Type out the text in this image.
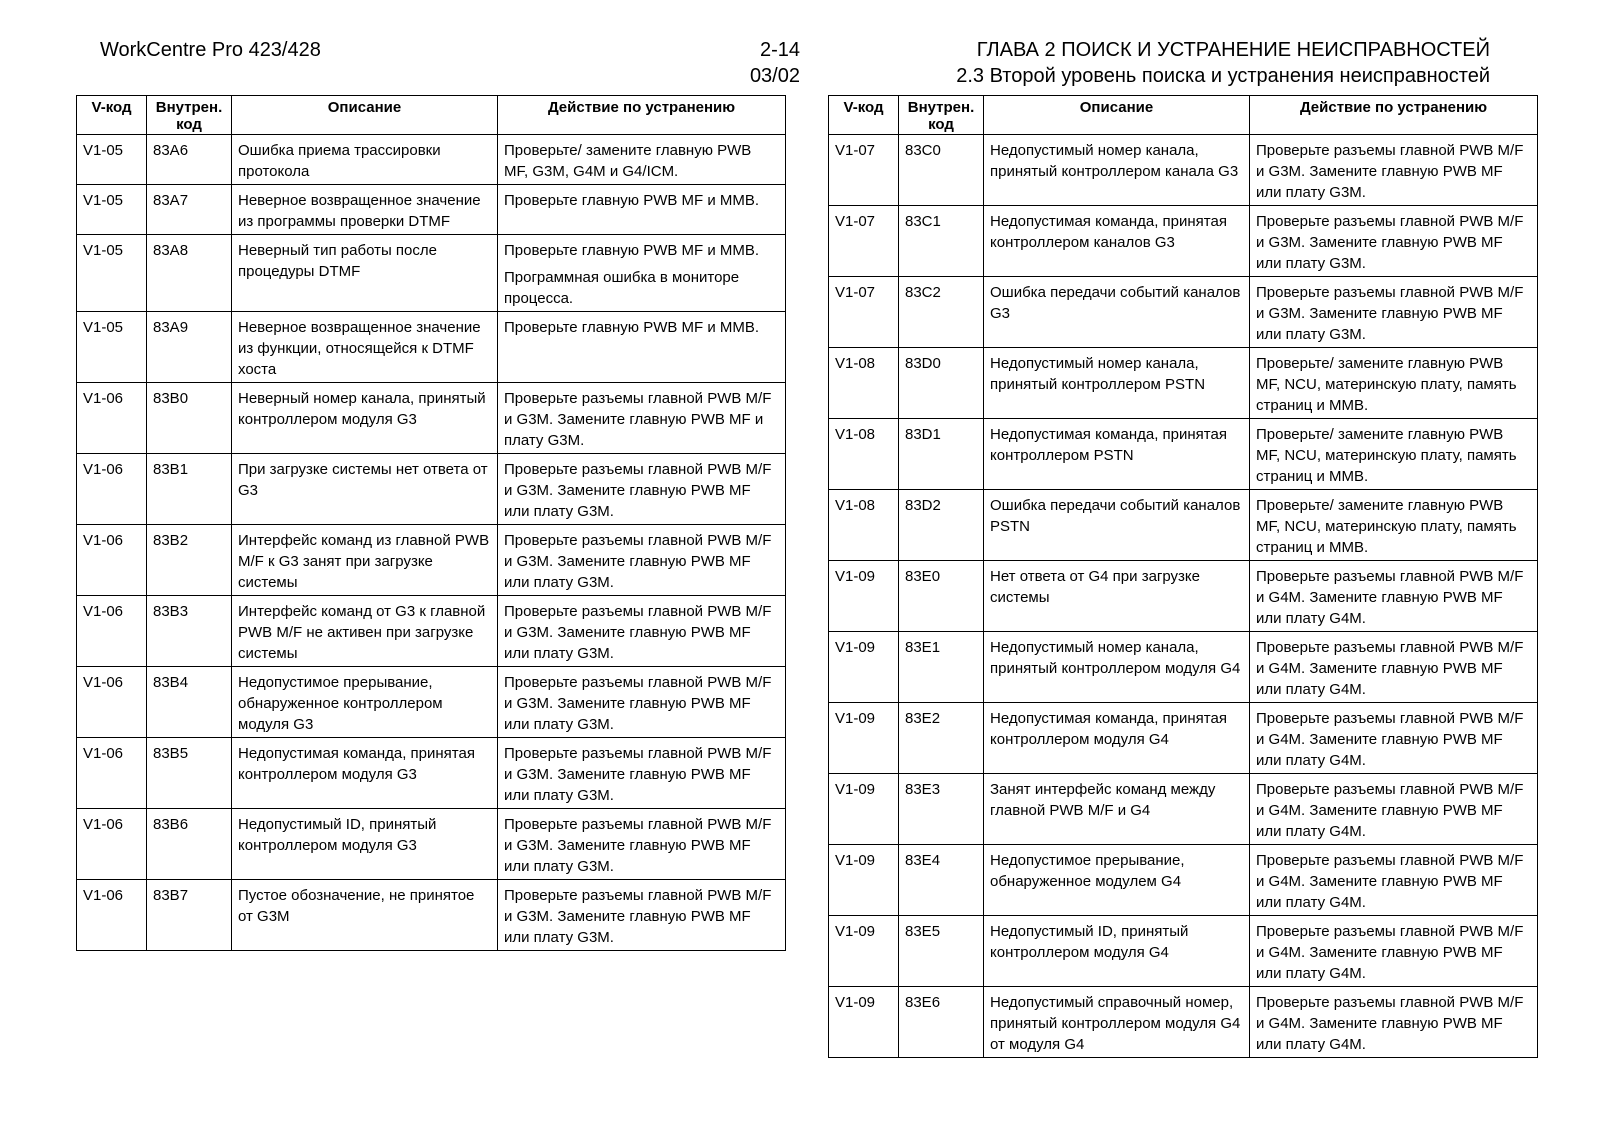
WorkCentre Pro 423/428	2-14
03/02
ГЛАВА 2 ПОИСК И УСТРАНЕНИЕ НЕИСПРАВНОСТЕЙ
2.3 Второй уровень поиска и устранения неисправностей
V-код	Внутрен. код	Описание	Действие по устранению
V1-05	83A6	Ошибка приема трассировки протокола	Проверьте/ замените главную PWB MF, G3M, G4M и G4/ICM.

V1-05	83A7	Неверное возвращенное значение из программы проверки DTMF	Проверьте главную PWB MF и MMB.

V1-05	83A8	Неверный тип работы после процедуры DTMF	Проверьте главную PWB MF и MMB.

Программная ошибка в мониторе процесса.

V1-05	83A9	Неверное возвращенное значение из функции, относящейся к DTMF хоста	Проверьте главную PWB MF и MMB.

V1-06	83B0	Неверный номер канала, принятый контроллером модуля G3	Проверьте разъемы главной PWB M/F и G3M. Замените главную PWB MF и плату G3M.

V1-06	83B1	При загрузке системы нет ответа от G3	Проверьте разъемы главной PWB M/F и G3M. Замените главную PWB MF или плату G3M.

V1-06	83B2	Интерфейс команд из главной PWB M/F к G3 занят при загрузке системы	Проверьте разъемы главной PWB M/F и G3M. Замените главную PWB MF или плату G3M.

V1-06	83B3	Интерфейс команд от G3 к главной PWB M/F не активен при загрузке системы	Проверьте разъемы главной PWB M/F и G3M. Замените главную PWB MF или плату G3M.

V1-06	83B4	Недопустимое прерывание, обнаруженное контроллером модуля G3	Проверьте разъемы главной PWB M/F и G3M. Замените главную PWB MF или плату G3M.

V1-06	83B5	Недопустимая команда, принятая контроллером модуля G3	Проверьте разъемы главной PWB M/F и G3M. Замените главную PWB MF или плату G3M.

V1-06	83B6	Недопустимый ID, принятый контроллером модуля G3	Проверьте разъемы главной PWB M/F и G3M. Замените главную PWB MF или плату G3M.

V1-06	83B7	Пустое обозначение, не принятое от G3M	Проверьте разъемы главной PWB M/F и G3M. Замените главную PWB MF или плату G3M.

V-код	Внутрен. код	Описание	Действие по устранению
V1-07	83C0	Недопустимый номер канала, принятый контроллером канала G3	Проверьте разъемы главной PWB M/F и G3M. Замените главную PWB MF или плату G3M.

V1-07	83C1	Недопустимая команда, принятая контроллером каналов G3	Проверьте разъемы главной PWB M/F и G3M. Замените главную PWB MF или плату G3M.

V1-07	83C2	Ошибка передачи событий каналов G3	Проверьте разъемы главной PWB M/F и G3M. Замените главную PWB MF или плату G3M.

V1-08	83D0	Недопустимый номер канала, принятый контроллером PSTN	Проверьте/ замените главную PWB MF, NCU, материнскую плату, память страниц и MMB.

V1-08	83D1	Недопустимая команда, принятая контроллером PSTN	Проверьте/ замените главную PWB MF, NCU, материнскую плату, память страниц и MMB.

V1-08	83D2	Ошибка передачи событий каналов PSTN	Проверьте/ замените главную PWB MF, NCU, материнскую плату, память страниц и MMB.

V1-09	83E0	Нет ответа от G4 при загрузке системы	Проверьте разъемы главной PWB M/F и G4M. Замените главную PWB MF или плату G4M.

V1-09	83E1	Недопустимый номер канала, принятый контроллером модуля G4	Проверьте разъемы главной PWB M/F и G4M. Замените главную PWB MF или плату G4M.

V1-09	83E2	Недопустимая команда, принятая контроллером модуля G4	Проверьте разъемы главной PWB M/F и G4M. Замените главную PWB MF или плату G4M.

V1-09	83E3	Занят интерфейс команд между главной PWB M/F и G4	Проверьте разъемы главной PWB M/F и G4M. Замените главную PWB MF или плату G4M.

V1-09	83E4	Недопустимое прерывание, обнаруженное модулем G4	Проверьте разъемы главной PWB M/F и G4M. Замените главную PWB MF или плату G4M.

V1-09	83E5	Недопустимый ID, принятый контроллером модуля G4	Проверьте разъемы главной PWB M/F и G4M. Замените главную PWB MF или плату G4M.

V1-09	83E6	Недопустимый справочный номер, принятый контроллером модуля G4 от модуля G4	Проверьте разъемы главной PWB M/F и G4M. Замените главную PWB MF или плату G4M.
